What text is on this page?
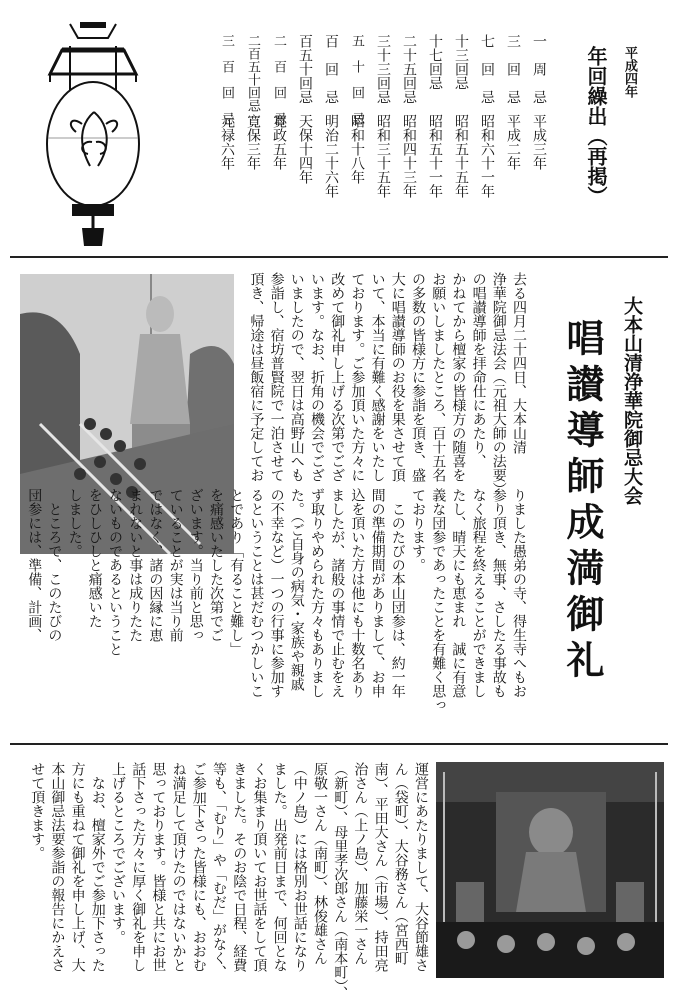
平成四年
年回繰出（再掲）
一　周　忌
平成三年
三　回　忌
平成二年
七　回　忌
昭和六十一年
十三回忌
昭和五十五年
十七回忌
昭和五十一年
二十五回忌
昭和四十三年
三十三回忌
昭和三十五年
五　十　回　忌
昭和十八年
百　回　忌
明治二十六年
百五十回忌
天保十四年
二　百　回　忌
寛政五年
二百五十回忌
寛保三年
三　百　回　忌
元禄六年
大本山清浄華院御忌大会
唱讃導師成満御礼
去る四月二十四日、大本山清
浄華院御忌法会（元祖大師の法要）
の唱讃導師を拝命仕にあたり、
かねてから檀家の皆様方の随喜を
お願いしましたところ、百十五名
の多数の皆様方に参詣を頂き、盛
大に唱讃導師のお役を果させて頂
いて、本当に有難く感謝をいたし
ております。ご参加頂いた方々に
改めて御礼申し上げる次第でござ
います。なお、折角の機会でござ
いましたので、翌日は高野山へも
参詣し、宿坊普賢院で一泊させて
頂き、帰途は昼飯宿に予定してお
りました愚弟の寺、得生寺へもお
参り頂き、無事、さしたる事故も
なく旅程を終えることができまし
たし、晴天にも恵まれ　誠に有意
義な団参であったことを有難く思っ
ております。
　このたびの本山団参は、約一年
間の準備期間がありまして、お申
込を頂いた方は他にも十数名あり
ましたが、諸般の事情で止むをえ
ず取りやめられた方々もありまし
た。（ご自身の病気・家族や親戚
の不幸など）一つの行事に参加す
るということは甚だむつかしいこ
とであり「有ること難し」
を痛感いたした次第でご
ざいます。当り前と思っ
ていることが実は当り前
ではなく、諸の因縁に恵
まれないと事は成りたた
ないものであるということ
をひしひしと痛感いた
しました。
　ところで、このたびの
団参には、準備、計画、
運営にあたりまして、大谷節雄さ
ん（袋町）、大谷務さん（宮西町
南）、平田大さん（市場）、持田亮
治さん（上ノ島）、加藤栄一さん
（新町）、母里孝次郎さん（南本町）、
原敬一さん（南町）、林俊雄さん
（中ノ島）には格別お世話になり
ました。出発前日まで、何回とな
くお集まり頂いてお世話をして頂
きました。そのお陰で日程、経費
等も、「むり」や「むだ」がなく、
ご参加下さった皆様にも、おおむ
ね満足して頂けたのではないかと
思っております。皆様と共にお世
話下さった方々に厚く御礼を申し
上げるところでございます。
　なお、檀家外でご参加下さった
方にも重ねて御礼を申し上げ、大
本山御忌法要参詣の報告にかえさ
せて頂きます。
